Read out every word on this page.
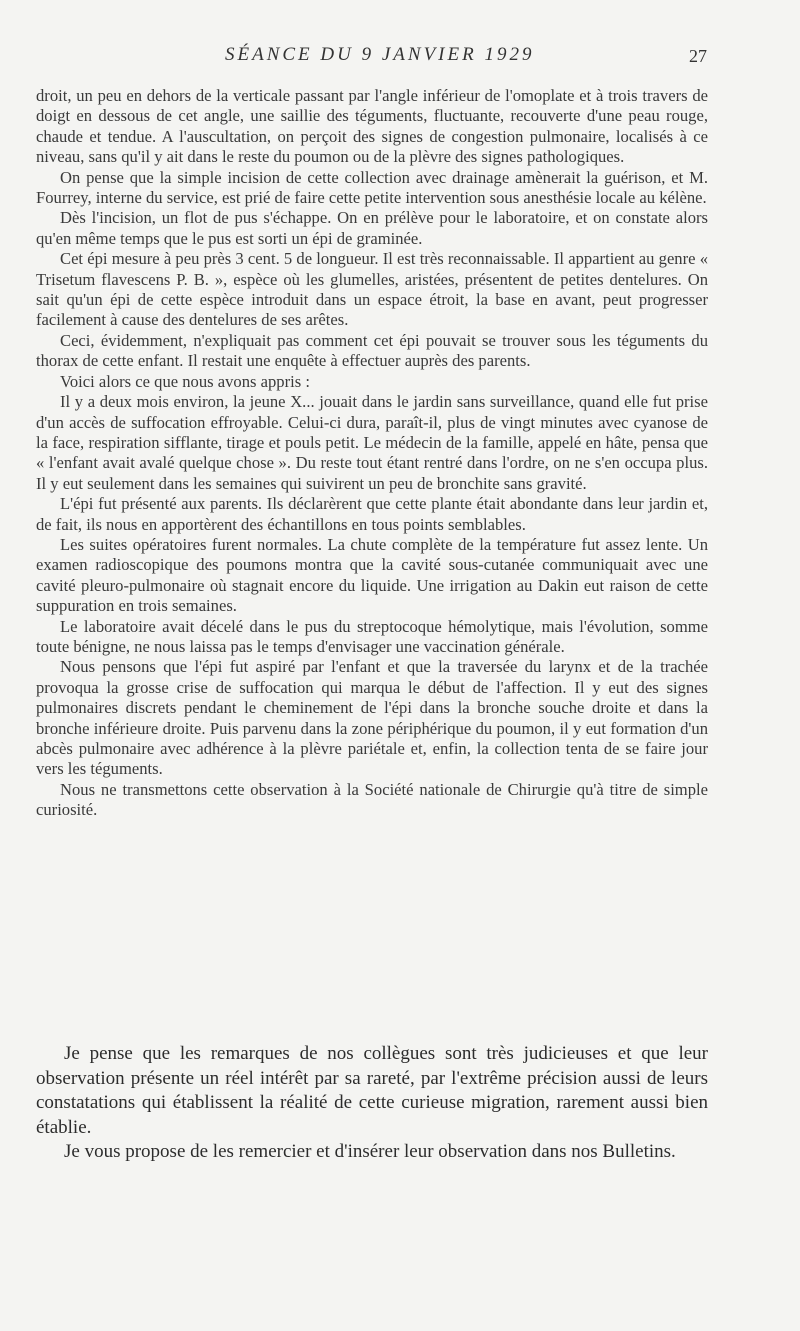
SÉANCE DU 9 JANVIER 1929	27

droit, un peu en dehors de la verticale passant par l'angle inférieur de l'omoplate et à trois travers de doigt en dessous de cet angle, une saillie des téguments, fluctuante, recouverte d'une peau rouge, chaude et tendue. A l'auscultation, on perçoit des signes de congestion pulmonaire, localisés à ce niveau, sans qu'il y ait dans le reste du poumon ou de la plèvre des signes pathologiques.

On pense que la simple incision de cette collection avec drainage amènerait la guérison, et M. Fourrey, interne du service, est prié de faire cette petite intervention sous anesthésie locale au kélène.

Dès l'incision, un flot de pus s'échappe. On en prélève pour le laboratoire, et on constate alors qu'en même temps que le pus est sorti un épi de graminée.

Cet épi mesure à peu près 3 cent. 5 de longueur. Il est très reconnaissable. Il appartient au genre « Trisetum flavescens P. B. », espèce où les glumelles, aristées, présentent de petites dentelures. On sait qu'un épi de cette espèce introduit dans un espace étroit, la base en avant, peut progresser facilement à cause des dentelures de ses arêtes.

Ceci, évidemment, n'expliquait pas comment cet épi pouvait se trouver sous les téguments du thorax de cette enfant. Il restait une enquête à effectuer auprès des parents.

Voici alors ce que nous avons appris :

Il y a deux mois environ, la jeune X... jouait dans le jardin sans surveillance, quand elle fut prise d'un accès de suffocation effroyable. Celui-ci dura, paraît-il, plus de vingt minutes avec cyanose de la face, respiration sifflante, tirage et pouls petit. Le médecin de la famille, appelé en hâte, pensa que « l'enfant avait avalé quelque chose ». Du reste tout étant rentré dans l'ordre, on ne s'en occupa plus. Il y eut seulement dans les semaines qui suivirent un peu de bronchite sans gravité.

L'épi fut présenté aux parents. Ils déclarèrent que cette plante était abondante dans leur jardin et, de fait, ils nous en apportèrent des échantillons en tous points semblables.

Les suites opératoires furent normales. La chute complète de la température fut assez lente. Un examen radioscopique des poumons montra que la cavité sous-cutanée communiquait avec une cavité pleuro-pulmonaire où stagnait encore du liquide. Une irrigation au Dakin eut raison de cette suppuration en trois semaines.

Le laboratoire avait décelé dans le pus du streptocoque hémolytique, mais l'évolution, somme toute bénigne, ne nous laissa pas le temps d'envisager une vaccination générale.

Nous pensons que l'épi fut aspiré par l'enfant et que la traversée du larynx et de la trachée provoqua la grosse crise de suffocation qui marqua le début de l'affection. Il y eut des signes pulmonaires discrets pendant le cheminement de l'épi dans la bronche souche droite et dans la bronche inférieure droite. Puis parvenu dans la zone périphérique du poumon, il y eut formation d'un abcès pulmonaire avec adhérence à la plèvre pariétale et, enfin, la collection tenta de se faire jour vers les téguments.

Nous ne transmettons cette observation à la Société nationale de Chirurgie qu'à titre de simple curiosité.

Je pense que les remarques de nos collègues sont très judicieuses et que leur observation présente un réel intérêt par sa rareté, par l'extrême précision aussi de leurs constatations qui établissent la réalité de cette curieuse migration, rarement aussi bien établie.

Je vous propose de les remercier et d'insérer leur observation dans nos Bulletins.
